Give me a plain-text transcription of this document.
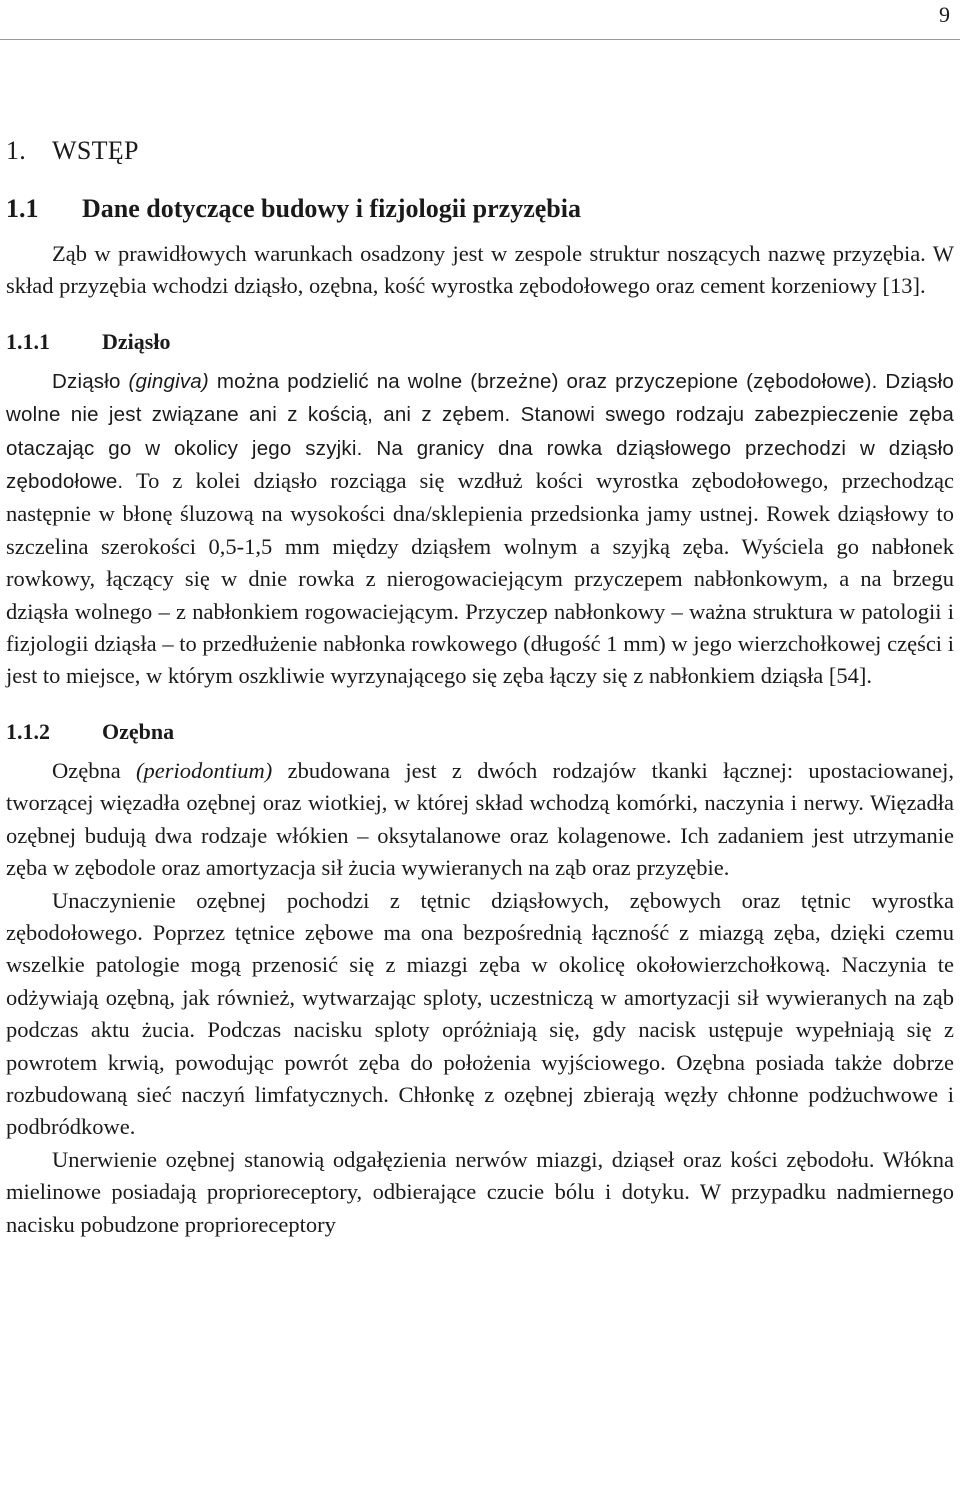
9
1. WSTĘP
1.1 Dane dotyczące budowy i fizjologii przyzębia

Ząb w prawidłowych warunkach osadzony jest w zespole struktur noszących nazwę przyzębia. W skład przyzębia wchodzi dziąsło, ozębna, kość wyrostka zębodołowego oraz cement korzeniowy [13].

1.1.1 Dziąsło

Dziąsło (gingiva) można podzielić na wolne (brzeżne) oraz przyczepione (zębodołowe). Dziąsło wolne nie jest związane ani z kością, ani z zębem. Stanowi swego rodzaju zabezpieczenie zęba otaczając go w okolicy jego szyjki. Na granicy dna rowka dziąsłowego przechodzi w dziąsło zębodołowe. To z kolei dziąsło rozciąga się wzdłuż kości wyrostka zębodołowego, przechodząc następnie w błonę śluzową na wysokości dna/sklepienia przedsionka jamy ustnej. Rowek dziąsłowy to szczelina szerokości 0,5-1,5 mm między dziąsłem wolnym a szyjką zęba. Wyściela go nabłonek rowkowy, łączący się w dnie rowka z nierogowaciejącym przyczepem nabłonkowym, a na brzegu dziąsła wolnego – z nabłonkiem rogowaciejącym. Przyczep nabłonkowy – ważna struktura w patologii i fizjologii dziąsła – to przedłużenie nabłonka rowkowego (długość 1 mm) w jego wierzchołkowej części i jest to miejsce, w którym oszkliwie wyrzynającego się zęba łączy się z nabłonkiem dziąsła [54].

1.1.2 Ozębna

Ozębna (periodontium) zbudowana jest z dwóch rodzajów tkanki łącznej: upostaciowanej, tworzącej więzadła ozębnej oraz wiotkiej, w której skład wchodzą komórki, naczynia i nerwy. Więzadła ozębnej budują dwa rodzaje włókien – oksytalanowe oraz kolagenowe. Ich zadaniem jest utrzymanie zęba w zębodole oraz amortyzacja sił żucia wywieranych na ząb oraz przyzębie.

Unaczynienie ozębnej pochodzi z tętnic dziąsłowych, zębowych oraz tętnic wyrostka zębodołowego. Poprzez tętnice zębowe ma ona bezpośrednią łączność z miazgą zęba, dzięki czemu wszelkie patologie mogą przenosić się z miazgi zęba w okolicę okołowierzchołkową. Naczynia te odżywiają ozębną, jak również, wytwarzając sploty, uczestniczą w amortyzacji sił wywieranych na ząb podczas aktu żucia. Podczas nacisku sploty opróżniają się, gdy nacisk ustępuje wypełniają się z powrotem krwią, powodując powrót zęba do położenia wyjściowego. Ozębna posiada także dobrze rozbudowaną sieć naczyń limfatycznych. Chłonkę z ozębnej zbierają węzły chłonne podżuchwowe i podbródkowe.

Unerwienie ozębnej stanowią odgałęzienia nerwów miazgi, dziąseł oraz kości zębodołu. Włókna mielinowe posiadają proprioreceptory, odbierające czucie bólu i dotyku. W przypadku nadmiernego nacisku pobudzone proprioreceptory
